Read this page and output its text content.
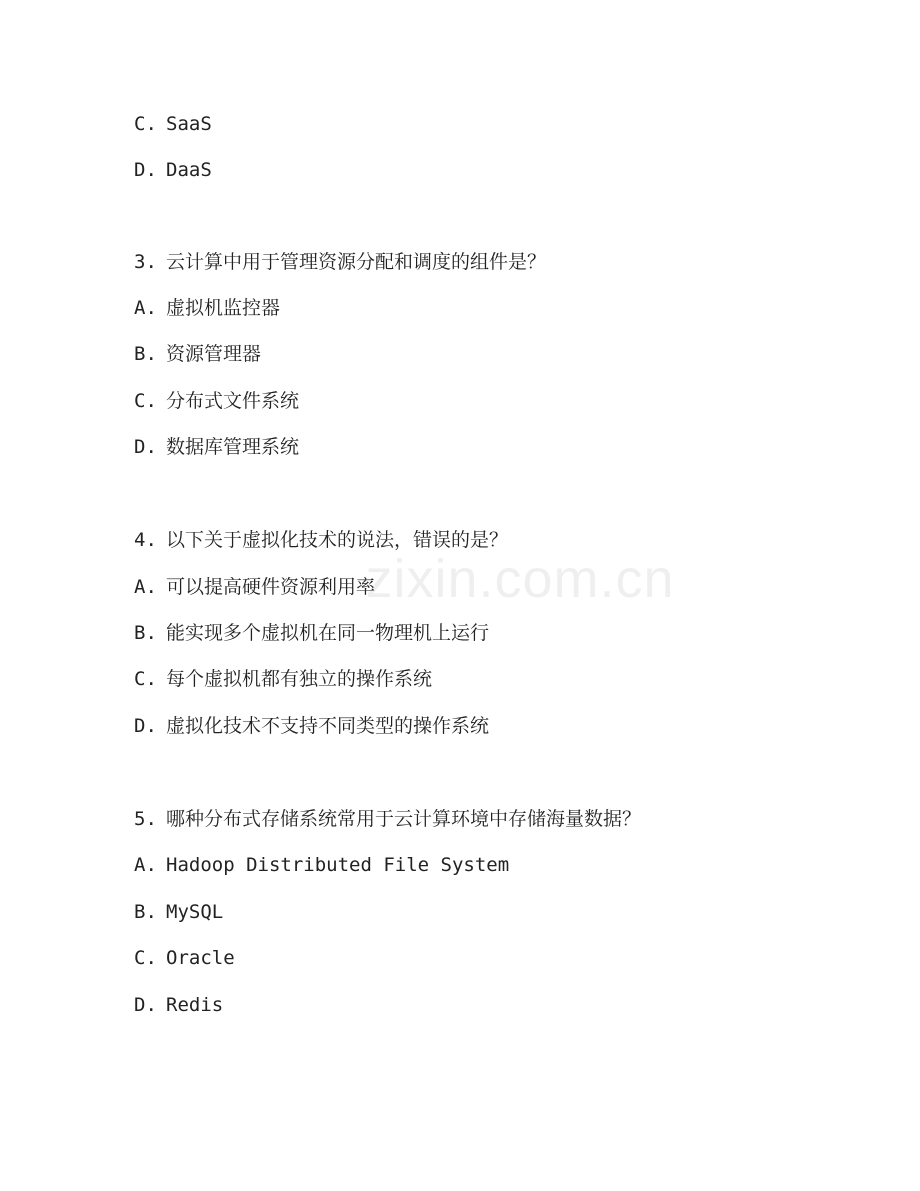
C. SaaS
D. DaaS
3. 云计算中用于管理资源分配和调度的组件是？
A. 虚拟机监控器
B. 资源管理器
C. 分布式文件系统
D. 数据库管理系统
4. 以下关于虚拟化技术的说法，错误的是？
A. 可以提高硬件资源利用率
B. 能实现多个虚拟机在同一物理机上运行
C. 每个虚拟机都有独立的操作系统
D. 虚拟化技术不支持不同类型的操作系统
5. 哪种分布式存储系统常用于云计算环境中存储海量数据？
A. Hadoop Distributed File System
B. MySQL
C. Oracle
D. Redis
zixin.com.cn
